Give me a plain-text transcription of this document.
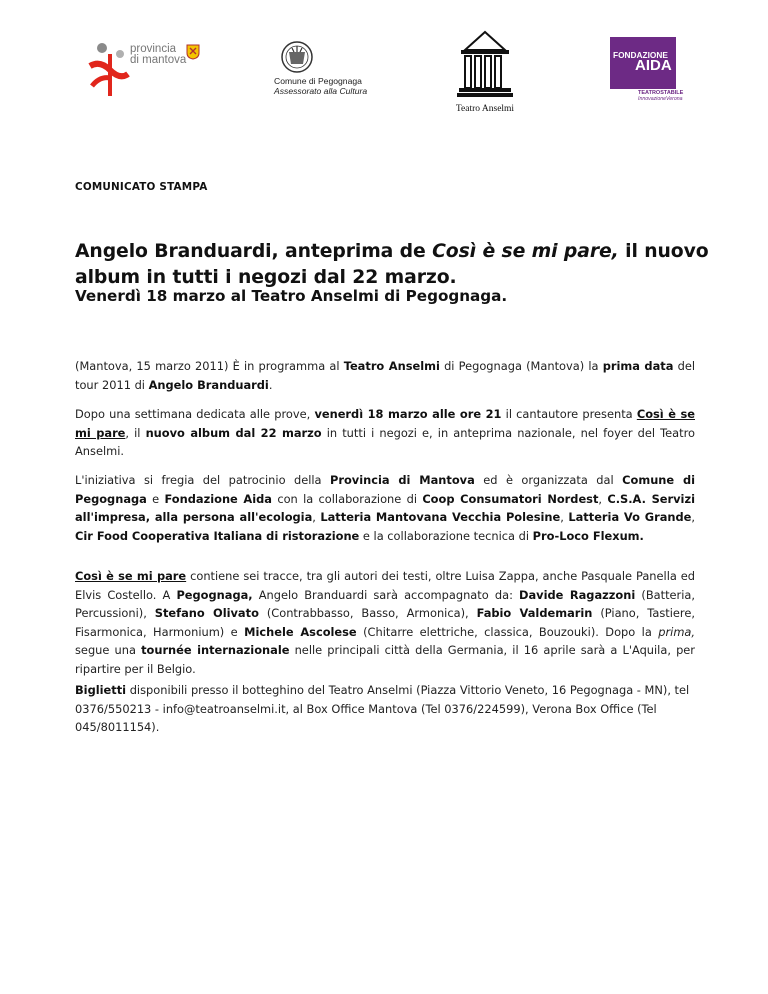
provincia
di mantova
Comune di Pegognaga
Assessorato alla Cultura
Teatro Anselmi
FONDAZIONE
AIDA
TEATROSTABILE
InnovazioneVerona
COMUNICATO STAMPA
Angelo Branduardi, anteprima de Così è se mi pare, il nuovo album in tutti i negozi dal 22 marzo.
Venerdì 18 marzo al Teatro Anselmi di Pegognaga.

(Mantova, 15 marzo 2011) È in programma al Teatro Anselmi di Pegognaga (Mantova) la prima data del tour 2011 di Angelo Branduardi.

Dopo una settimana dedicata alle prove, venerdì 18 marzo alle ore 21 il cantautore presenta Così è se mi pare, il nuovo album dal 22 marzo in tutti i negozi e, in anteprima nazionale, nel foyer del Teatro Anselmi.

L'iniziativa si fregia del patrocinio della Provincia di Mantova ed è organizzata dal Comune di Pegognaga e Fondazione Aida con la collaborazione di Coop Consumatori Nordest, C.S.A. Servizi all'impresa, alla persona all'ecologia, Latteria Mantovana Vecchia Polesine, Latteria Vo Grande, Cir Food Cooperativa Italiana di ristorazione e la collaborazione tecnica di Pro-Loco Flexum.

Così è se mi pare contiene sei tracce, tra gli autori dei testi, oltre Luisa Zappa, anche Pasquale Panella ed Elvis Costello. A Pegognaga, Angelo Branduardi sarà accompagnato da: Davide Ragazzoni (Batteria, Percussioni), Stefano Olivato (Contrabbasso, Basso, Armonica), Fabio Valdemarin (Piano, Tastiere, Fisarmonica, Harmonium) e Michele Ascolese (Chitarre elettriche, classica, Bouzouki). Dopo la prima, segue una tournée internazionale nelle principali città della Germania, il 16 aprile sarà a L'Aquila, per ripartire per il Belgio.

Biglietti disponibili presso il botteghino del Teatro Anselmi (Piazza Vittorio Veneto, 16 Pegognaga - MN), tel 0376/550213 - info@teatroanselmi.it, al Box Office Mantova (Tel 0376/224599), Verona Box Office (Tel 045/8011154).
